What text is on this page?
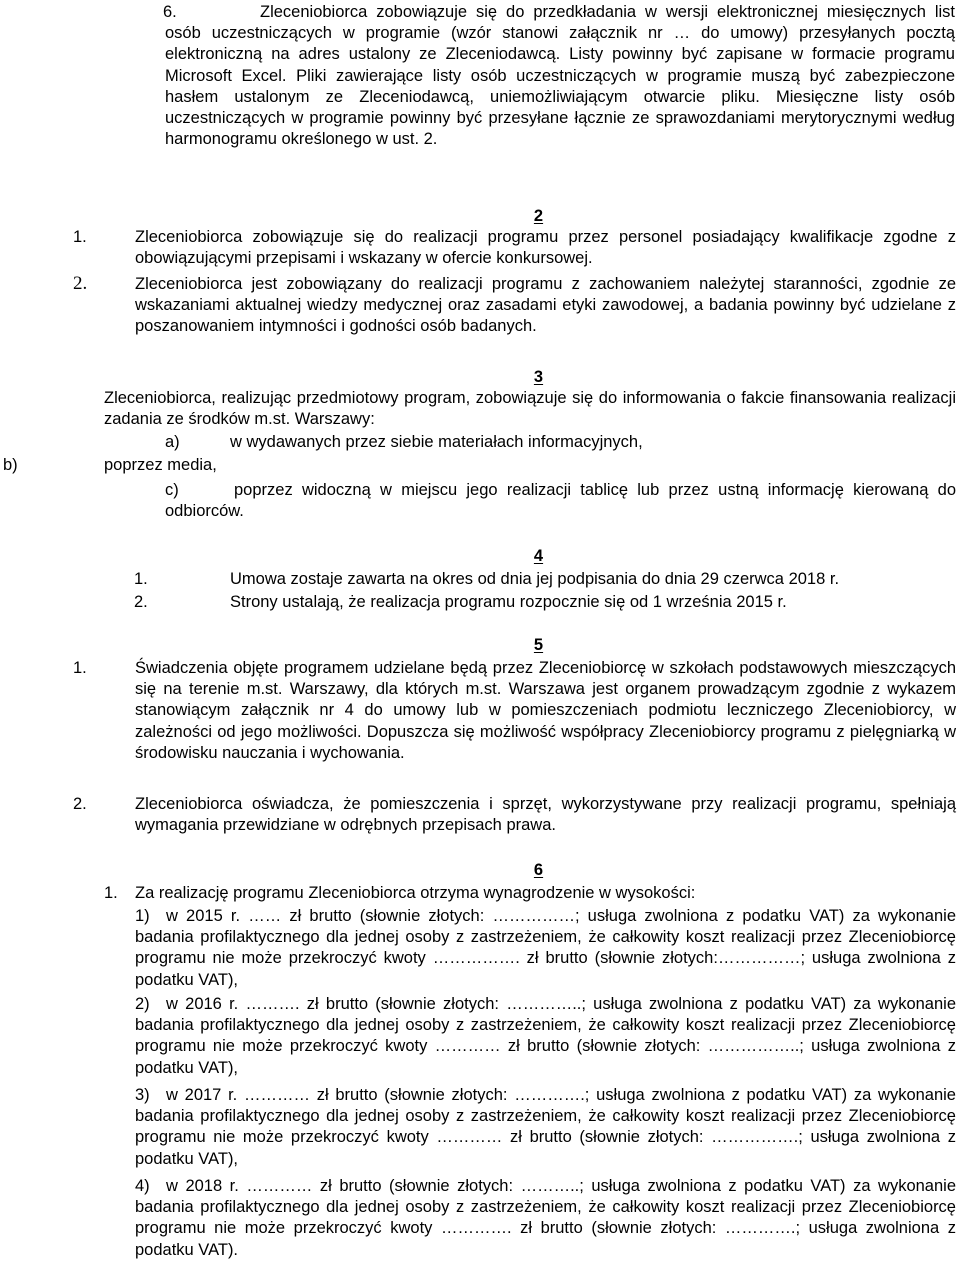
6.	Zleceniobiorca zobowiązuje się do przedkładania w wersji elektronicznej miesięcznych list osób uczestniczących w programie (wzór stanowi załącznik nr … do umowy) przesyłanych pocztą elektroniczną na adres ustalony ze Zleceniodawcą. Listy powinny być zapisane w formacie programu Microsoft Excel. Pliki zawierające listy osób uczestniczących w programie muszą być zabezpieczone hasłem ustalonym ze Zleceniodawcą, uniemożliwiającym otwarcie pliku. Miesięczne listy osób uczestniczących w programie powinny być przesyłane łącznie ze sprawozdaniami merytorycznymi według harmonogramu określonego w ust. 2.

2

1.	Zleceniobiorca zobowiązuje się do realizacji programu przez personel posiadający kwalifikacje zgodne z obowiązującymi przepisami i wskazany w ofercie konkursowej.

2.	Zleceniobiorca jest zobowiązany do realizacji programu z zachowaniem należytej staranności, zgodnie ze wskazaniami aktualnej wiedzy medycznej oraz zasadami etyki zawodowej, a badania powinny być udzielane z poszanowaniem intymności i godności osób badanych.

3

Zleceniobiorca, realizując przedmiotowy program, zobowiązuje się do informowania o fakcie finansowania realizacji zadania ze środków m.st. Warszawy:

a)	w wydawanych przez siebie materiałach informacyjnych,
b)	poprzez media,

c)	poprzez widoczną w miejscu jego realizacji tablicę lub przez ustną informację kierowaną do odbiorców.

4
1.	Umowa zostaje zawarta na okres od dnia jej podpisania do dnia 29 czerwca 2018 r.
2.	Strony ustalają, że realizacja programu rozpocznie się od 1 września 2015 r.
5

1.	Świadczenia objęte programem udzielane będą przez Zleceniobiorcę w szkołach podstawowych mieszczących się na terenie m.st. Warszawy, dla których m.st. Warszawa jest organem prowadzącym zgodnie z wykazem stanowiącym załącznik nr 4 do umowy lub w pomieszczeniach podmiotu leczniczego Zleceniobiorcy, w zależności od jego możliwości. Dopuszcza się możliwość współpracy Zleceniobiorcy programu z pielęgniarką w środowisku nauczania i wychowania.

2.	Zleceniobiorca oświadcza, że pomieszczenia i sprzęt, wykorzystywane przy realizacji programu, spełniają wymagania przewidziane w odrębnych przepisach prawa.

6
1. Za realizację programu Zleceniobiorca otrzyma wynagrodzenie w wysokości:

1) w 2015 r. …… zł brutto (słownie złotych: ……………; usługa zwolniona z podatku VAT) za wykonanie badania profilaktycznego dla jednej osoby z zastrzeżeniem, że całkowity koszt realizacji przez Zleceniobiorcę programu nie może przekroczyć kwoty ……………. zł brutto (słownie złotych:……………; usługa zwolniona z podatku VAT),

2) w 2016 r. ………. zł brutto (słownie złotych: …………..; usługa zwolniona z podatku VAT) za wykonanie badania profilaktycznego dla jednej osoby z zastrzeżeniem, że całkowity koszt realizacji przez Zleceniobiorcę programu nie może przekroczyć kwoty ………… zł brutto (słownie złotych: ……………..; usługa zwolniona z podatku VAT),

3) w 2017 r. ………… zł brutto (słownie złotych: ………….; usługa zwolniona z podatku VAT) za wykonanie badania profilaktycznego dla jednej osoby z zastrzeżeniem, że całkowity koszt realizacji przez Zleceniobiorcę programu nie może przekroczyć kwoty ………… zł brutto (słownie złotych: …………….; usługa zwolniona z podatku VAT),

4) w 2018 r. ………… zł brutto (słownie złotych: ………..; usługa zwolniona z podatku VAT) za wykonanie badania profilaktycznego dla jednej osoby z zastrzeżeniem, że całkowity koszt realizacji przez Zleceniobiorcę programu nie może przekroczyć kwoty …………. zł brutto (słownie złotych: ………….; usługa zwolniona z podatku VAT).
